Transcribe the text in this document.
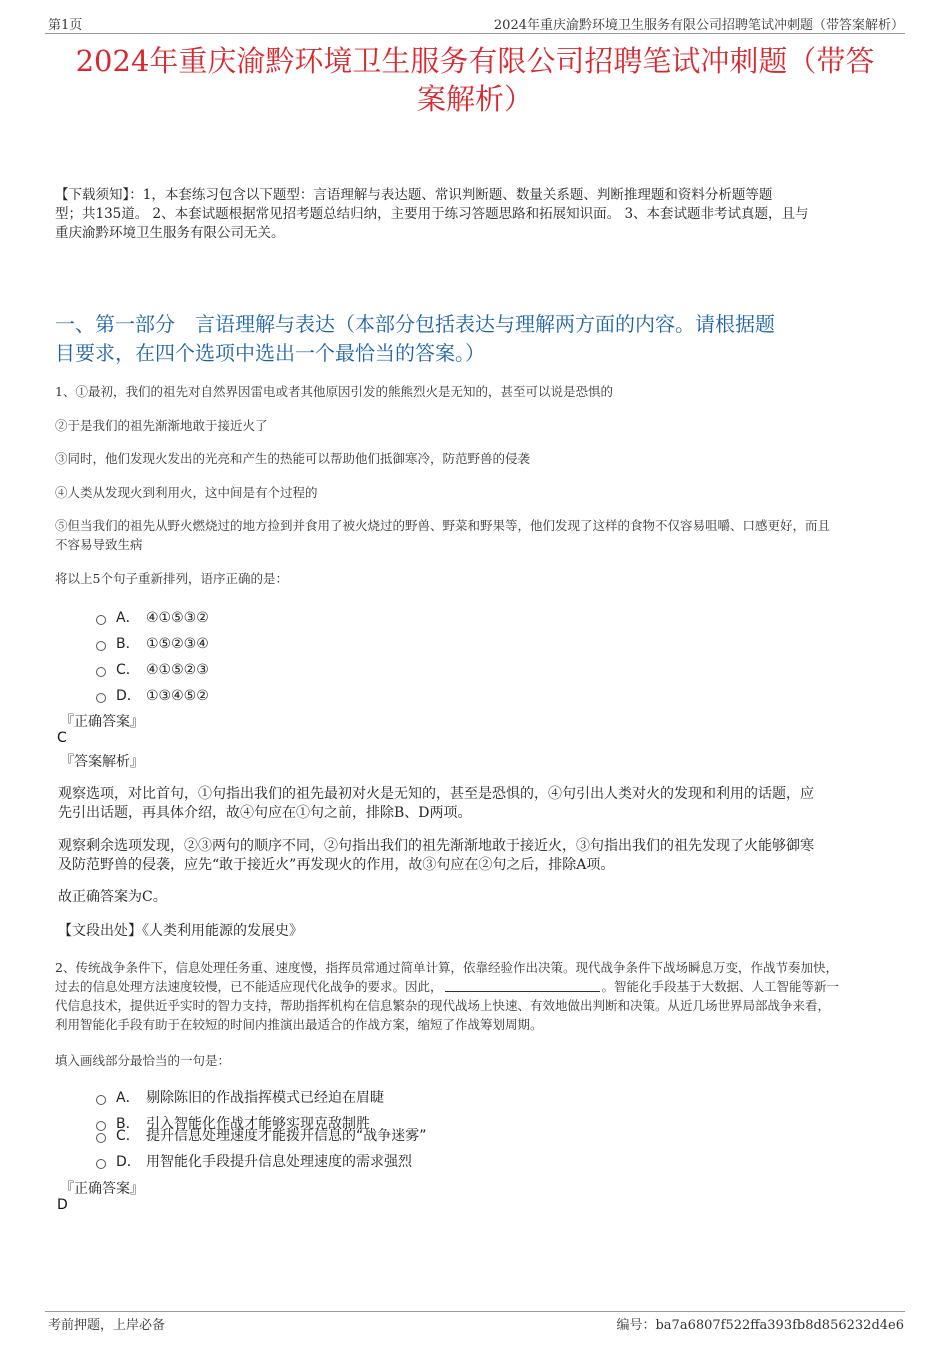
第1页	2024年重庆渝黔环境卫生服务有限公司招聘笔试冲刺题（带答案解析）
2024年重庆渝黔环境卫生服务有限公司招聘笔试冲刺题（带答
案解析）
【下载须知】：1，本套练习包含以下题型：言语理解与表达题、常识判断题、数量关系题、判断推理题和资料分析题等题
型；共135道。 2、本套试题根据常见招考题总结归纳，主要用于练习答题思路和拓展知识面。 3、本套试题非考试真题，且与
重庆渝黔环境卫生服务有限公司无关。
一、第一部分　言语理解与表达（本部分包括表达与理解两方面的内容。请根据题
目要求，在四个选项中选出一个最恰当的答案。）
1、①最初，我们的祖先对自然界因雷电或者其他原因引发的熊熊烈火是无知的，甚至可以说是恐惧的
②于是我们的祖先渐渐地敢于接近火了
③同时，他们发现火发出的光亮和产生的热能可以帮助他们抵御寒冷，防范野兽的侵袭
④人类从发现火到利用火，这中间是有个过程的
⑤但当我们的祖先从野火燃烧过的地方捡到并食用了被火烧过的野兽、野菜和野果等，他们发现了这样的食物不仅容易咀嚼、口感更好，而且
不容易导致生病
将以上5个句子重新排列，语序正确的是：
A． ④①⑤③②
B． ①⑤②③④
C． ④①⑤②③
D． ①③④⑤②
『正确答案』
C
『答案解析』
观察选项，对比首句，①句指出我们的祖先最初对火是无知的，甚至是恐惧的，④句引出人类对火的发现和利用的话题，应
先引出话题，再具体介绍，故④句应在①句之前，排除B、D两项。
观察剩余选项发现，②③两句的顺序不同，②句指出我们的祖先渐渐地敢于接近火，③句指出我们的祖先发现了火能够御寒
及防范野兽的侵袭，应先“敢于接近火”再发现火的作用，故③句应在②句之后，排除A项。
故正确答案为C。
【文段出处】《人类利用能源的发展史》
2、传统战争条件下，信息处理任务重、速度慢，指挥员常通过简单计算，依靠经验作出决策。现代战争条件下战场瞬息万变，作战节奏加快，
过去的信息处理方法速度较慢，已不能适应现代化战争的要求。因此，	。智能化手段基于大数据、人工智能等新一
代信息技术，提供近乎实时的智力支持，帮助指挥机构在信息繁杂的现代战场上快速、有效地做出判断和决策。从近几场世界局部战争来看，
利用智能化手段有助于在较短的时间内推演出最适合的作战方案，缩短了作战筹划周期。
填入画线部分最恰当的一句是：
A． 剔除陈旧的作战指挥模式已经迫在眉睫
B． 引入智能化作战才能够实现克敌制胜
C． 提升信息处理速度才能拨开信息的“战争迷雾”
D． 用智能化手段提升信息处理速度的需求强烈
『正确答案』
D
考前押题，上岸必备	编号：ba7a6807f522ffa393fb8d856232d4e6
